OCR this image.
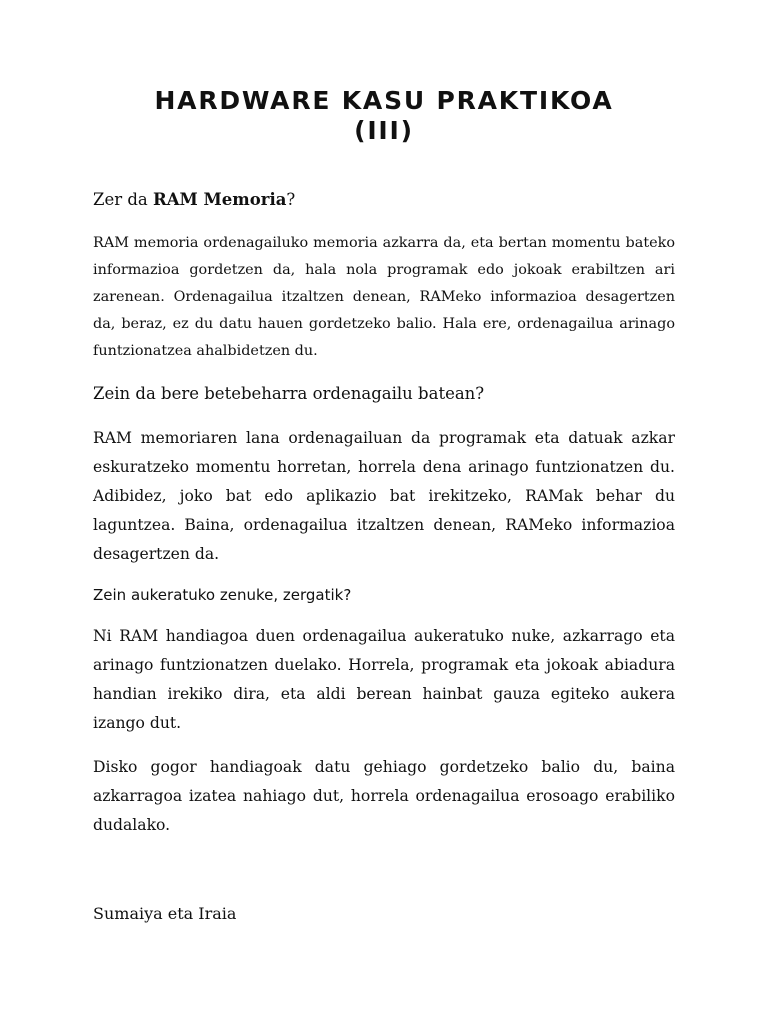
HARDWARE KASU PRAKTIKOA
(III)
Zer da RAM Memoria?
RAM memoria ordenagailuko memoria azkarra da, eta bertan momentu bateko informazioa gordetzen da, hala nola programak edo jokoak erabiltzen ari zarenean. Ordenagailua itzaltzen denean, RAMeko informazioa desagertzen da, beraz, ez du datu hauen gordetzeko balio. Hala ere, ordenagailua arinago funtzionatzea ahalbidetzen du.
Zein da bere betebeharra ordenagailu batean?
RAM memoriaren lana ordenagailuan da programak eta datuak azkar eskuratzeko momentu horretan, horrela dena arinago funtzionatzen du. Adibidez, joko bat edo aplikazio bat irekitzeko, RAMak behar du laguntzea. Baina, ordenagailua itzaltzen denean, RAMeko informazioa desagertzen da.
Zein aukeratuko zenuke, zergatik?
Ni RAM handiagoa duen ordenagailua aukeratuko nuke, azkarrago eta arinago funtzionatzen duelako. Horrela, programak eta jokoak abiadura handian irekiko dira, eta aldi berean hainbat gauza egiteko aukera izango dut.
Disko gogor handiagoak datu gehiago gordetzeko balio du, baina azkarragoa izatea nahiago dut, horrela ordenagailua erosoago erabiliko dudalako.
Sumaiya eta Iraia
